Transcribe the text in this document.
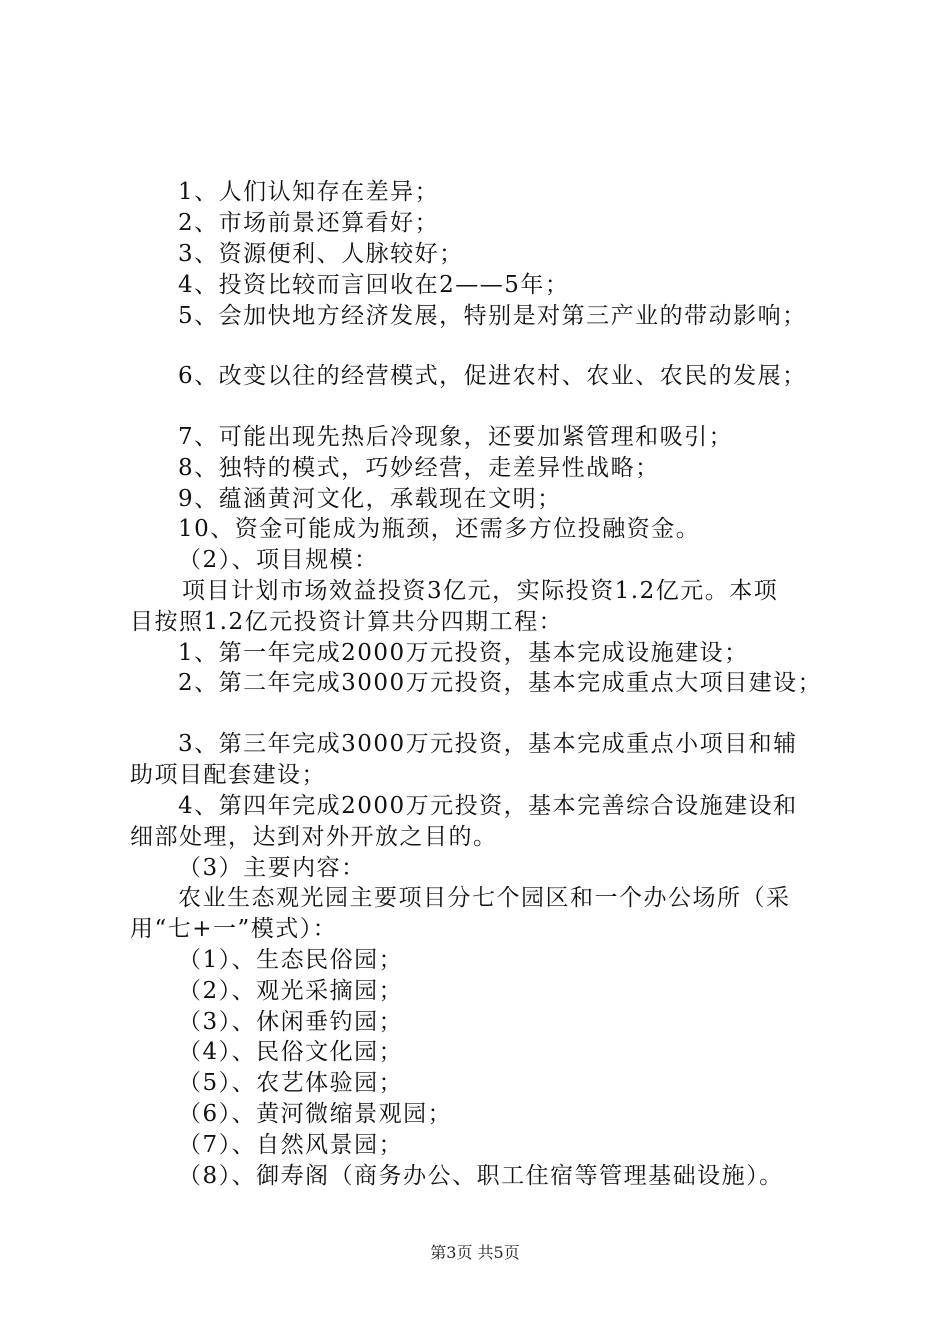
1、人们认知存在差异；
2、市场前景还算看好；
3、资源便利、人脉较好；
4、投资比较而言回收在2——5年；
5、会加快地方经济发展，特别是对第三产业的带动影响；
6、改变以往的经营模式，促进农村、农业、农民的发展；
7、可能出现先热后冷现象，还要加紧管理和吸引；
8、独特的模式，巧妙经营，走差异性战略；
9、蕴涵黄河文化，承载现在文明；
10、资金可能成为瓶颈，还需多方位投融资金。
（2）、项目规模：
项目计划市场效益投资3亿元，实际投资1.2亿元。本项
目按照1.2亿元投资计算共分四期工程：
1、第一年完成2000万元投资，基本完成设施建设；
2、第二年完成3000万元投资，基本完成重点大项目建设；
3、第三年完成3000万元投资，基本完成重点小项目和辅
助项目配套建设；
4、第四年完成2000万元投资，基本完善综合设施建设和
细部处理，达到对外开放之目的。
（3）主要内容：
农业生态观光园主要项目分七个园区和一个办公场所（采
用“七+一”模式）：
（1）、生态民俗园；
（2）、观光采摘园；
（3）、休闲垂钓园；
（4）、民俗文化园；
（5）、农艺体验园；
（6）、黄河微缩景观园；
（7）、自然风景园；
（8）、御寿阁（商务办公、职工住宿等管理基础设施）。
第3页 共5页
